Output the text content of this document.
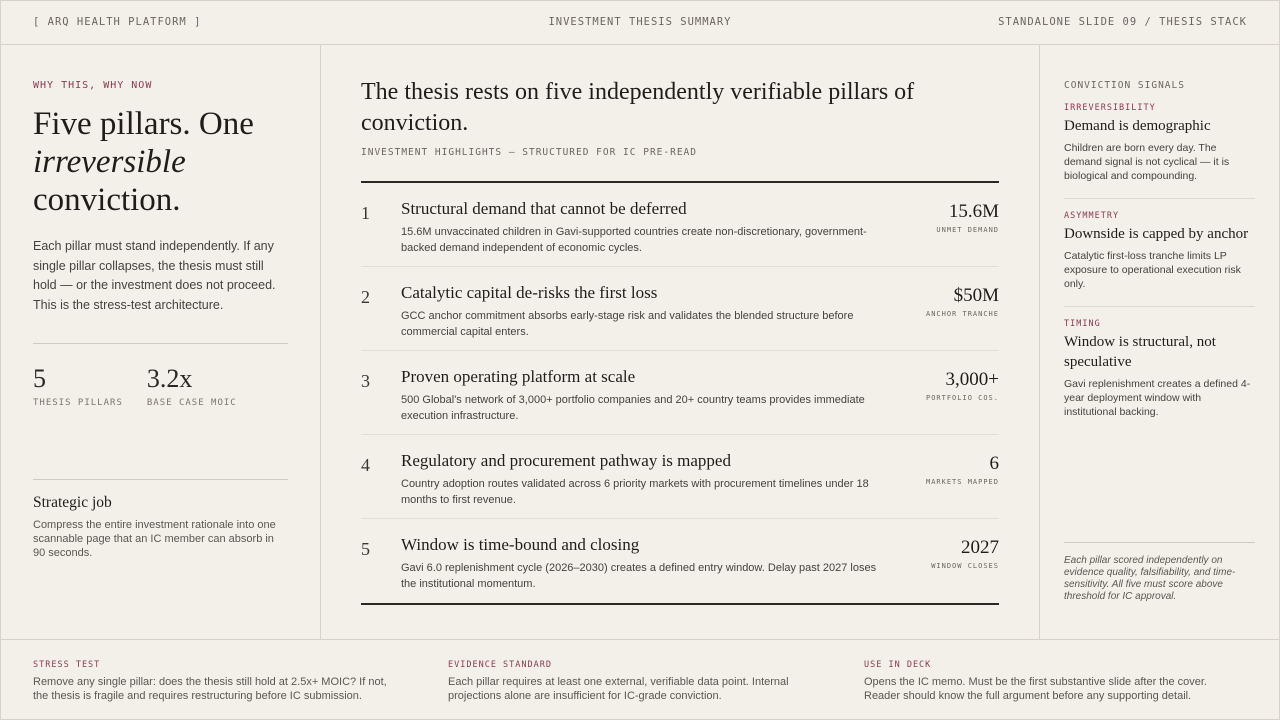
[ ARQ HEALTH PLATFORM ]	INVESTMENT THESIS SUMMARY	STANDALONE SLIDE 09 / THESIS STACK
WHY THIS, WHY NOW
Five pillars. One
irreversible
conviction.

Each pillar must stand independently. If any single pillar collapses, the thesis must still hold — or the investment does not proceed. This is the stress-test architecture.

5
THESIS PILLARS
3.2x
BASE CASE MOIC
Strategic job

Compress the entire investment rationale into one scannable page that an IC member can absorb in 90 seconds.

The thesis rests on five independently verifiable pillars of conviction.
INVESTMENT HIGHLIGHTS — STRUCTURED FOR IC PRE-READ
1 Structural demand that cannot be deferred
15.6M unvaccinated children in Gavi-supported countries create non-discretionary, government-backed demand independent of economic cycles.
15.6M
UNMET DEMAND
2 Catalytic capital de-risks the first loss
GCC anchor commitment absorbs early-stage risk and validates the blended structure before commercial capital enters.
$50M
ANCHOR TRANCHE
3 Proven operating platform at scale
500 Global's network of 3,000+ portfolio companies and 20+ country teams provides immediate execution infrastructure.
3,000+
PORTFOLIO COS.
4 Regulatory and procurement pathway is mapped
Country adoption routes validated across 6 priority markets with procurement timelines under 18 months to first revenue.
6
MARKETS MAPPED
5 Window is time-bound and closing
Gavi 6.0 replenishment cycle (2026–2030) creates a defined entry window. Delay past 2027 loses the institutional momentum.
2027
WINDOW CLOSES
CONVICTION SIGNALS
IRREVERSIBILITY
Demand is demographic
Children are born every day. The demand signal is not cyclical — it is biological and compounding.
ASYMMETRY
Downside is capped by anchor
Catalytic first-loss tranche limits LP exposure to operational execution risk only.
TIMING
Window is structural, not speculative
Gavi replenishment creates a defined 4-year deployment window with institutional backing.
Each pillar scored independently on evidence quality, falsifiability, and time-sensitivity. All five must score above threshold for IC approval.
STRESS TEST
Remove any single pillar: does the thesis still hold at 2.5x+ MOIC? If not, the thesis is fragile and requires restructuring before IC submission.
EVIDENCE STANDARD
Each pillar requires at least one external, verifiable data point. Internal projections alone are insufficient for IC-grade conviction.
USE IN DECK
Opens the IC memo. Must be the first substantive slide after the cover. Reader should know the full argument before any supporting detail.
